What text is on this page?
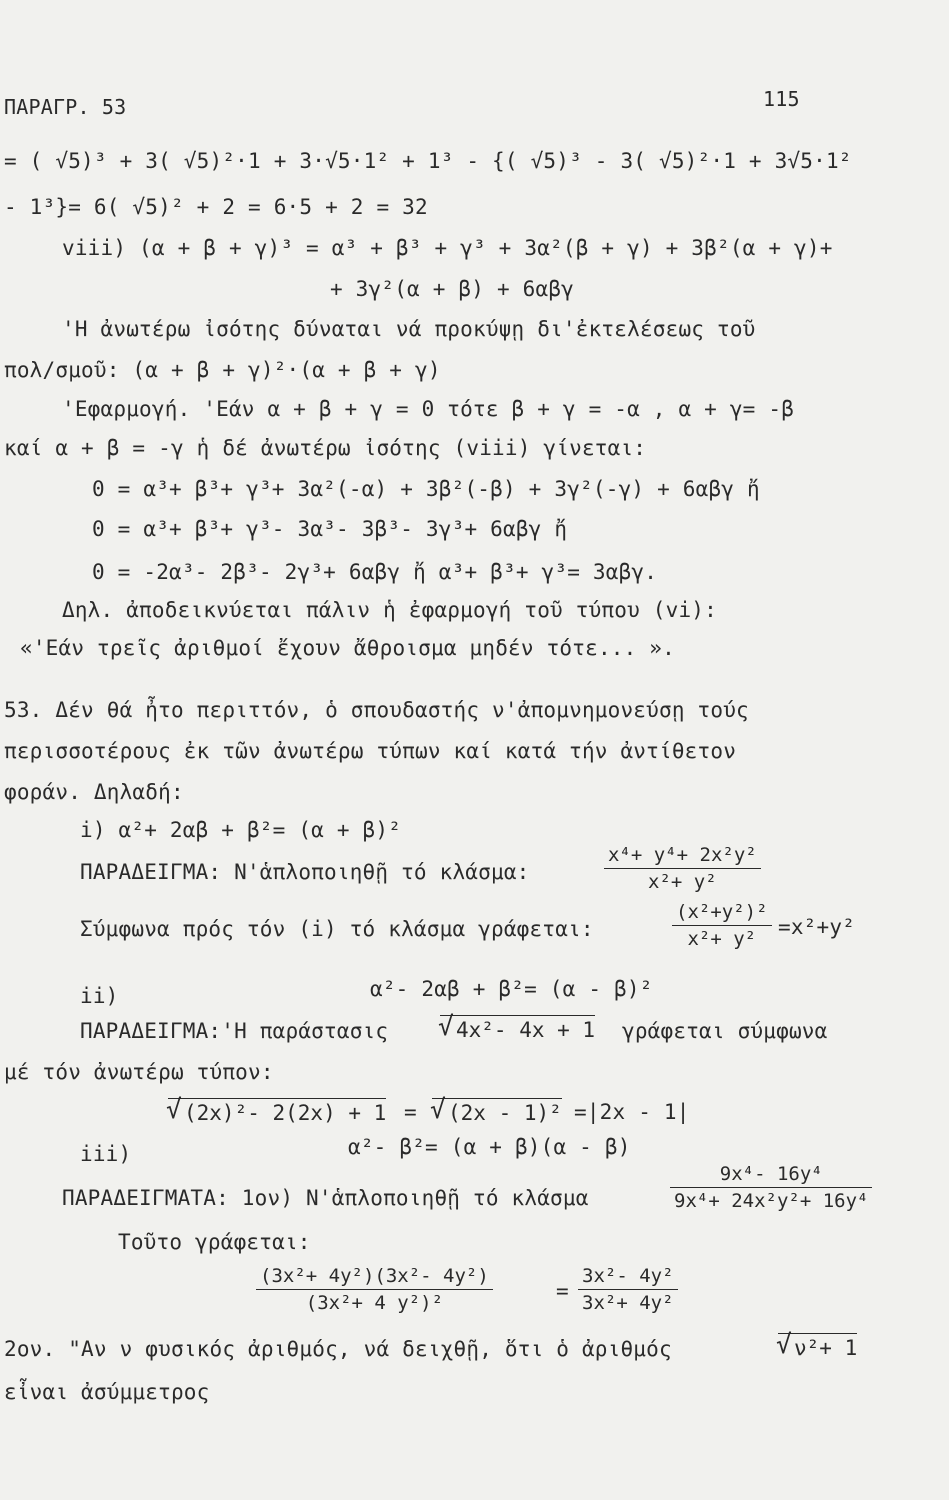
ΠΑΡΑΓΡ. 53	115
= ( √5)³ + 3( √5)²·1 + 3·√5·1² + 1³ - {( √5)³ - 3( √5)²·1 + 3√5·1²
- 1³}= 6( √5)² + 2 = 6·5 + 2 = 32
viii) (α + β + γ)³ = α³ + β³ + γ³ + 3α²(β + γ) + 3β²(α + γ)+
+ 3γ²(α + β) + 6αβγ
'Η ἀνωτέρω ἰσότης δύναται νά προκύψῃ δι'ἐκτελέσεως τοῦ
πολ/σμοῦ: (α + β + γ)²·(α + β + γ)
'Εφαρμογή. 'Εάν α + β + γ = 0 τότε β + γ = -α , α + γ= -β
καί α + β = -γ ἡ δέ ἀνωτέρω ἰσότης (viii) γίνεται:
0 = α³+ β³+ γ³+ 3α²(-α) + 3β²(-β) + 3γ²(-γ) + 6αβγ ἤ
0 = α³+ β³+ γ³- 3α³- 3β³- 3γ³+ 6αβγ ἤ
0 = -2α³- 2β³- 2γ³+ 6αβγ ἤ α³+ β³+ γ³= 3αβγ.
Δηλ. ἀποδεικνύεται πάλιν ἡ ἐφαρμογή τοῦ τύπου (vi):
«'Εάν τρεῖς ἀριθμοί ἔχουν ἄθροισμα μηδέν τότε... ».
53. Δέν θά ἦτο περιττόν, ὁ σπουδαστής ν'ἀπομνημονεύσῃ τούς
περισσοτέρους ἐκ τῶν ἀνωτέρω τύπων καί κατά τήν ἀντίθετον
φοράν. Δηλαδή:
i) α²+ 2αβ + β²= (α + β)²
ΠΑΡΑΔΕΙΓΜΑ: Ν'ἁπλοποιηθῇ τό κλάσμα:	$\frac{\text{x⁴+ y⁴+ 2x²y²}}{\text{x²+ y²}}$
Σύμφωνα πρός τόν (i) τό κλάσμα γράφεται:	$\frac{\text{(x²+y²)²}}{\text{x²+ y²}} =x^2+y^2$
ii)	α²- 2αβ + β²= (α - β)²
ΠΑΡΑΔΕΙΓΜΑ:'Η παράστασις	√ 4x²- 4x + 1 γράφεται σύμφωνα
μέ τόν ἀνωτέρω τύπον:
√ (2x)²- 2(2x) + 1 =	√ (2x - 1)² =|2x - 1|
iii)	α²- β²= (α + β)(α - β)
ΠΑΡΑΔΕΙΓΜΑΤΑ: 1ον) Ν'ἁπλοποιηθῇ τό κλάσμα	$\frac{\text{9x⁴- 16y⁴}}{\text{9x⁴+ 24x²y²+ 16y⁴}}$
Τοῦτο γράφεται:
$\frac{\text{(3x²+ 4y²)(3x²- 4y²)}}{\text{(3x²+ 4 y²)²}}$	= $\frac{\text{3x²- 4y²}}{\text{3x²+ 4y²}}$
2ον. "Αν ν φυσικός ἀριθμός, νά δειχθῇ, ὅτι ὁ ἀριθμός	√ ν²+ 1
εἶναι ἀσύμμετρος
